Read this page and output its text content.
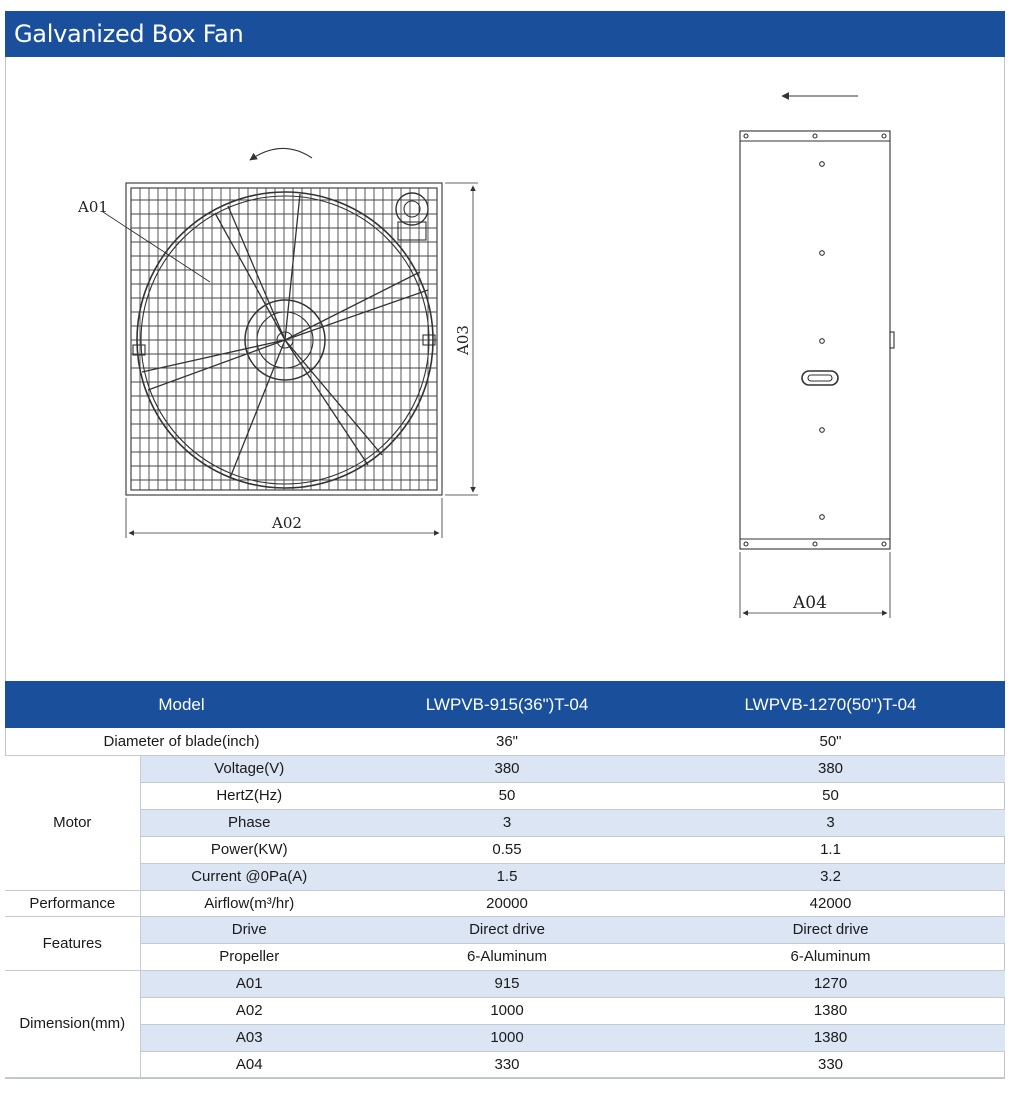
Galvanized Box Fan
A01
A02
A03
A04
Model		LWPVB-915(36")T-04	LWPVB-1270(50")T-04
Diameter of blade(inch)		36"	50"
Motor	Voltage(V)	380	380
	HertZ(Hz)	50	50
	Phase	3	3
	Power(KW)	0.55	1.1
	Current @0Pa(A)	1.5	3.2
Performance	Airflow(m³/hr)	20000	42000
Features	Drive	Direct drive	Direct drive
	Propeller	6-Aluminum	6-Aluminum
Dimension(mm)	A01	915	1270
	A02	1000	1380
	A03	1000	1380
	A04	330	330
